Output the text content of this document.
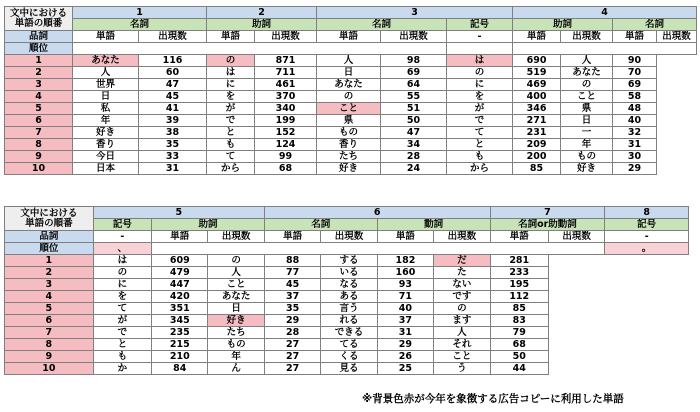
文中における
単語の順番	1		2		3			4			
	名詞		助詞		名詞		記号	助詞		名詞	
品詞	単語	出現数	単語	出現数	単語	出現数	-	単語	出現数	単語	出現数
順位											
1	あなた	116	の	871	人	98	は	690	人	90	
2	人	60	は	711	日	69	の	519	あなた	70	
3	世界	47	に	461	あなた	64	に	469	の	69	
4	日	45	を	370	の	55	を	400	こと	58	
5	私	41	が	340	こと	51	が	346	県	48	
6	年	39	で	199	県	50	で	271	日	40	
7	好き	38	と	152	もの	47	て	231	一	32	
8	香り	35	も	124	香り	34	と	209	年	31	
9	今日	33	て	99	たち	28	も	200	もの	30	
10	日本	31	から	68	好き	24	から	85	好き	29	
文中における
単語の順番	5			6				7		8
	記号	助詞		名詞		動詞		名詞or助動詞		記号
品詞	-	単語	出現数	単語	出現数	単語	出現数	単語	出現数	-
順位	、									。
1	は	609	の	88	する	182	だ	281		
2	の	479	人	77	いる	160	た	233		
3	に	447	こと	45	なる	93	ない	195		
4	を	420	あなた	37	ある	71	です	112		
5	て	351	日	35	言う	40	の	85		
6	が	345	好き	29	れる	37	ます	83		
7	で	235	たち	28	できる	31	人	79		
8	と	215	もの	27	てる	29	それ	68		
9	も	210	年	27	くる	26	こと	50		
10	か	84	ん	27	見る	25	う	44		
※背景色赤が今年を象徴する広告コピーに利用した単語
